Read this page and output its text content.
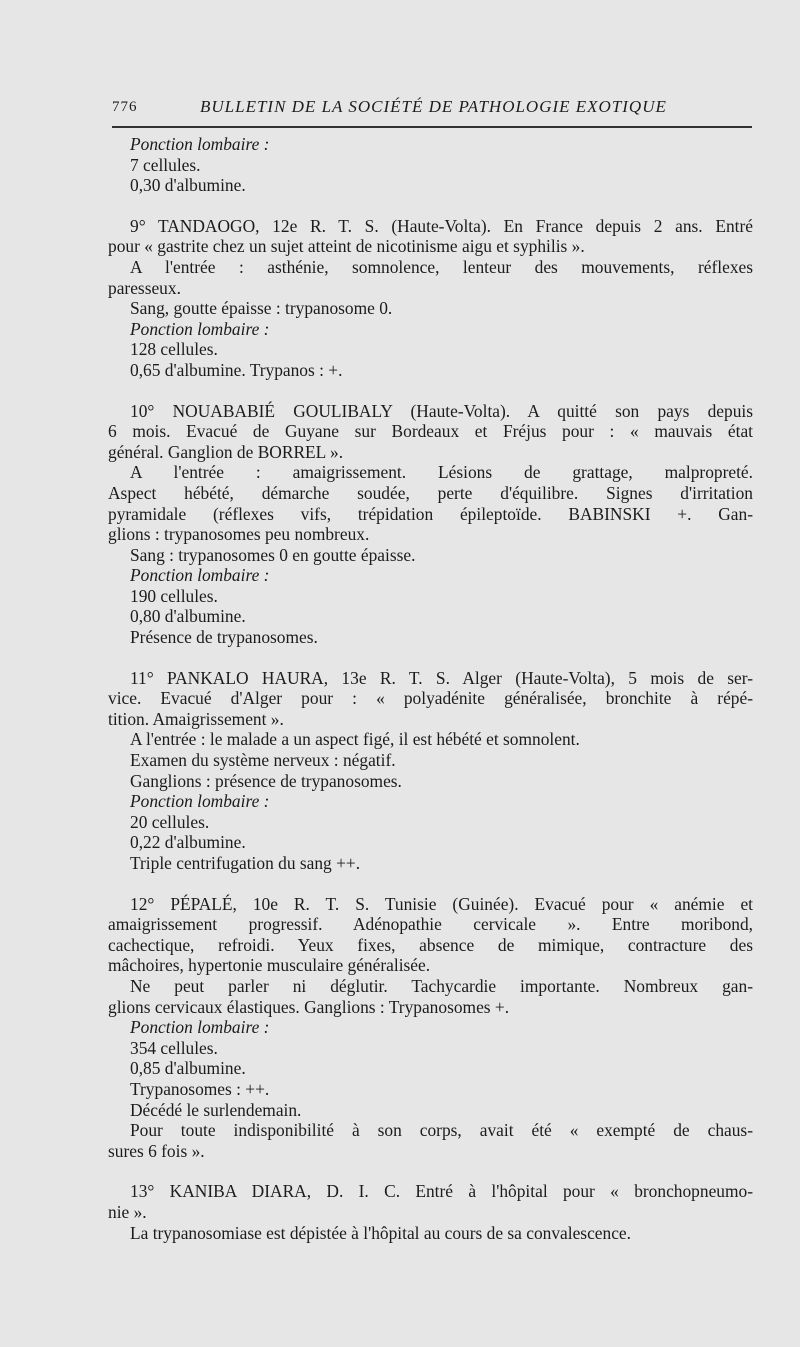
776	BULLETIN DE LA SOCIÉTÉ DE PATHOLOGIE EXOTIQUE
Ponction lombaire :
7 cellules.
0,30 d'albumine.
9° TANDAOGO, 12e R. T. S. (Haute-Volta). En France depuis 2 ans. Entré
pour « gastrite chez un sujet atteint de nicotinisme aigu et syphilis ».
A l'entrée : asthénie, somnolence, lenteur des mouvements, réflexes
paresseux.
Sang, goutte épaisse : trypanosome 0.
Ponction lombaire :
128 cellules.
0,65 d'albumine. Trypanos : +.
10° NOUABABIÉ GOULIBALY (Haute-Volta). A quitté son pays depuis
6 mois. Evacué de Guyane sur Bordeaux et Fréjus pour : « mauvais état
général. Ganglion de BORREL ».
A l'entrée : amaigrissement. Lésions de grattage, malpropreté.
Aspect hébété, démarche soudée, perte d'équilibre. Signes d'irritation
pyramidale (réflexes vifs, trépidation épileptoïde. BABINSKI +. Gan-
glions : trypanosomes peu nombreux.
Sang : trypanosomes 0 en goutte épaisse.
Ponction lombaire :
190 cellules.
0,80 d'albumine.
Présence de trypanosomes.
11° PANKALO HAURA, 13e R. T. S. Alger (Haute-Volta), 5 mois de ser-
vice. Evacué d'Alger pour : « polyadénite généralisée, bronchite à répé-
tition. Amaigrissement ».
A l'entrée : le malade a un aspect figé, il est hébété et somnolent.
Examen du système nerveux : négatif.
Ganglions : présence de trypanosomes.
Ponction lombaire :
20 cellules.
0,22 d'albumine.
Triple centrifugation du sang ++.
12° PÉPALÉ, 10e R. T. S. Tunisie (Guinée). Evacué pour « anémie et
amaigrissement progressif. Adénopathie cervicale ». Entre moribond,
cachectique, refroidi. Yeux fixes, absence de mimique, contracture des
mâchoires, hypertonie musculaire généralisée.
Ne peut parler ni déglutir. Tachycardie importante. Nombreux gan-
glions cervicaux élastiques. Ganglions : Trypanosomes +.
Ponction lombaire :
354 cellules.
0,85 d'albumine.
Trypanosomes : ++.
Décédé le surlendemain.
Pour toute indisponibilité à son corps, avait été « exempté de chaus-
sures 6 fois ».
13° KANIBA DIARA, D. I. C. Entré à l'hôpital pour « bronchopneumo-
nie ».
La trypanosomiase est dépistée à l'hôpital au cours de sa convalescence.
